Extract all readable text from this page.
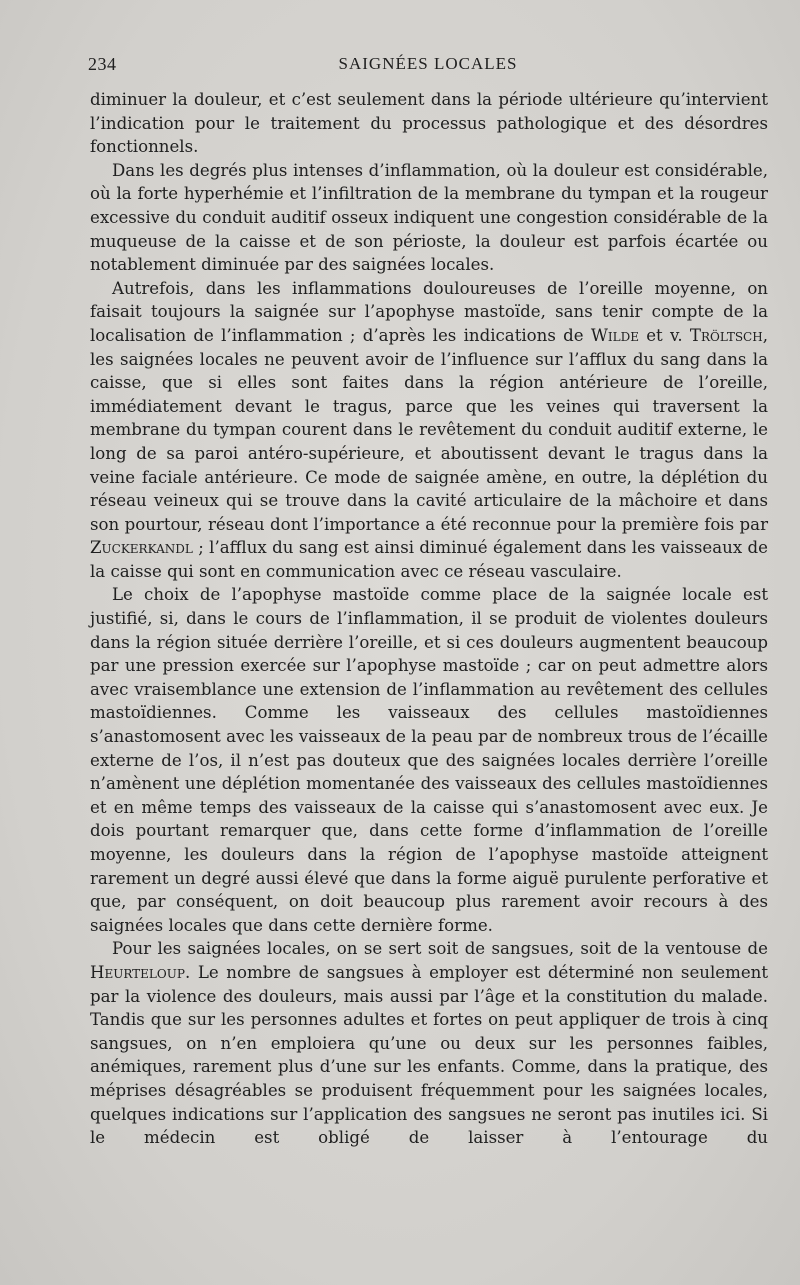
234	SAIGNÉES LOCALES

diminuer la douleur, et c’est seulement dans la période ultérieure qu’intervient l’indication pour le traitement du processus pathologique et des désordres fonctionnels.

Dans les degrés plus intenses d’inflammation, où la douleur est considérable, où la forte hyperhémie et l’infiltration de la membrane du tympan et la rougeur excessive du conduit auditif osseux indiquent une congestion considérable de la muqueuse de la caisse et de son périoste, la douleur est parfois écartée ou notablement diminuée par des saignées locales.

Autrefois, dans les inflammations douloureuses de l’oreille moyenne, on faisait toujours la saignée sur l’apophyse mastoïde, sans tenir compte de la localisation de l’inflammation ; d’après les indications de Wilde et v. Tröltsch, les saignées locales ne peuvent avoir de l’influence sur l’afflux du sang dans la caisse, que si elles sont faites dans la région antérieure de l’oreille, immédiatement devant le tragus, parce que les veines qui traversent la membrane du tympan courent dans le revêtement du conduit auditif externe, le long de sa paroi antéro-supérieure, et aboutissent devant le tragus dans la veine faciale antérieure. Ce mode de saignée amène, en outre, la déplétion du réseau veineux qui se trouve dans la cavité articulaire de la mâchoire et dans son pourtour, réseau dont l’importance a été reconnue pour la première fois par Zuckerkandl ; l’afflux du sang est ainsi diminué également dans les vaisseaux de la caisse qui sont en communication avec ce réseau vasculaire.

Le choix de l’apophyse mastoïde comme place de la saignée locale est justifié, si, dans le cours de l’inflammation, il se produit de violentes douleurs dans la région située derrière l’oreille, et si ces douleurs augmentent beaucoup par une pression exercée sur l’apophyse mastoïde ; car on peut admettre alors avec vraisemblance une extension de l’inflammation au revêtement des cellules mastoïdiennes. Comme les vaisseaux des cellules mastoïdiennes s’anastomosent avec les vaisseaux de la peau par de nombreux trous de l’écaille externe de l’os, il n’est pas douteux que des saignées locales derrière l’oreille n’amènent une déplétion momentanée des vaisseaux des cellules mastoïdiennes et en même temps des vaisseaux de la caisse qui s’anastomosent avec eux. Je dois pourtant remarquer que, dans cette forme d’inflammation de l’oreille moyenne, les douleurs dans la région de l’apophyse mastoïde atteignent rarement un degré aussi élevé que dans la forme aiguë purulente perforative et que, par conséquent, on doit beaucoup plus rarement avoir recours à des saignées locales que dans cette dernière forme.

Pour les saignées locales, on se sert soit de sangsues, soit de la ventouse de Heurteloup. Le nombre de sangsues à employer est déterminé non seulement par la violence des douleurs, mais aussi par l’âge et la constitution du malade. Tandis que sur les personnes adultes et fortes on peut appliquer de trois à cinq sangsues, on n’en emploiera qu’une ou deux sur les personnes faibles, anémiques, rarement plus d’une sur les enfants. Comme, dans la pratique, des méprises désagréables se produisent fréquemment pour les saignées locales, quelques indications sur l’application des sangsues ne seront pas inutiles ici. Si le médecin est obligé de laisser à l’entourage du
